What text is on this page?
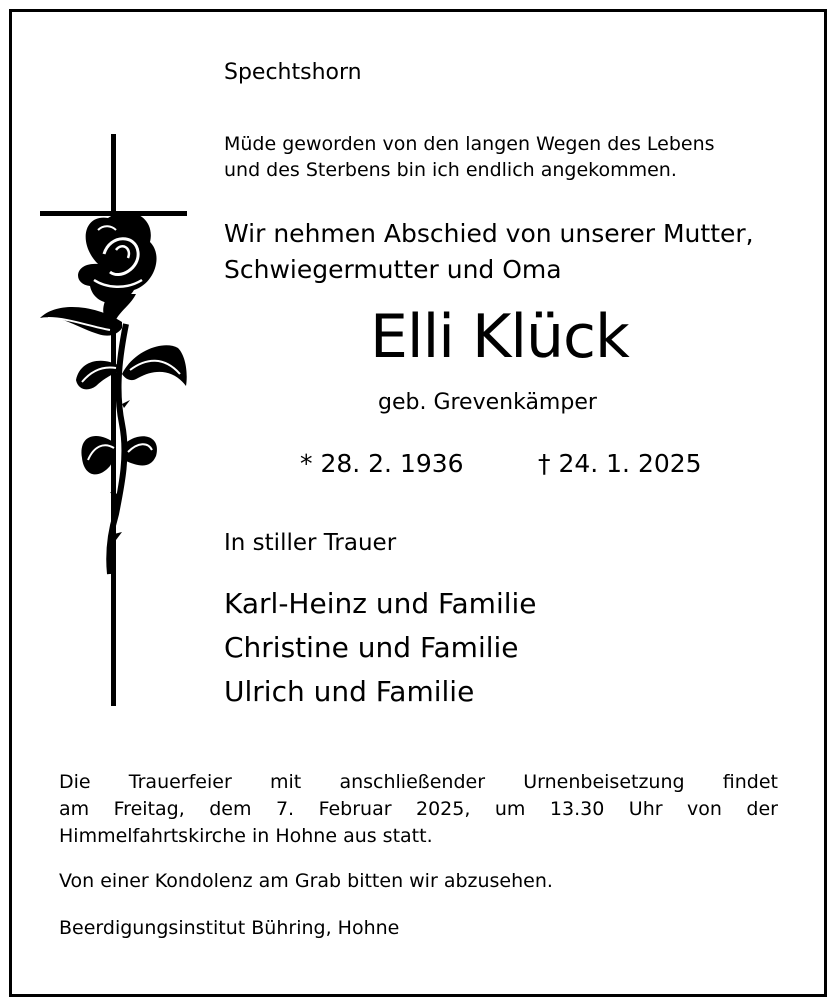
Spechtshorn

Müde geworden von den langen Wegen des Lebens
und des Sterbens bin ich endlich angekommen.

Wir nehmen Abschied von unserer Mutter,
Schwiegermutter und Oma

Elli Klück

geb. Grevenkämper

* 28. 2. 1936	† 24. 1. 2025

In stiller Trauer

Karl-Heinz und Familie
Christine und Familie
Ulrich und Familie

Die Trauerfeier mit anschließender Urnenbeisetzung findet
am Freitag, dem 7. Februar 2025, um 13.30 Uhr von der
Himmelfahrtskirche in Hohne aus statt.

Von einer Kondolenz am Grab bitten wir abzusehen.

Beerdigungsinstitut Bühring, Hohne
